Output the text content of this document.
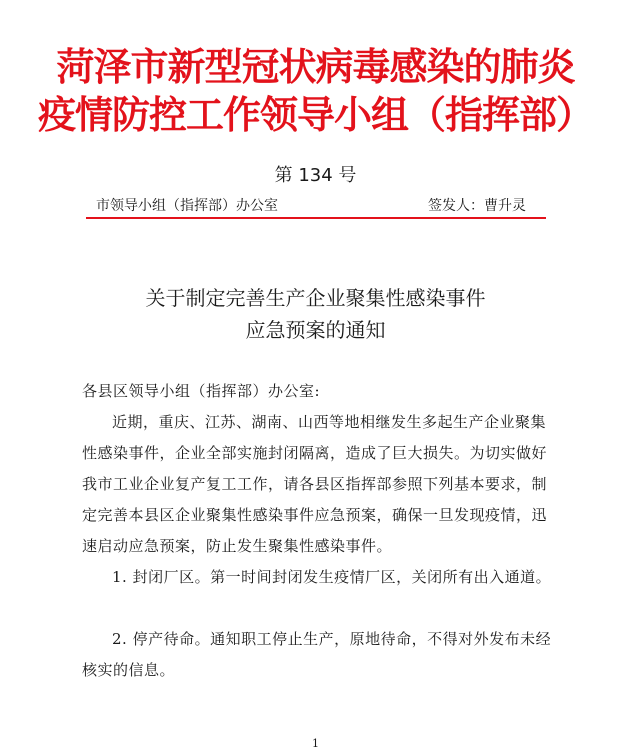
菏泽市新型冠状病毒感染的肺炎
疫情防控工作领导小组（指挥部）
第 134 号
市领导小组（指挥部）办公室	签发人：曹升灵
关于制定完善生产企业聚集性感染事件
应急预案的通知
各县区领导小组（指挥部）办公室:
近期，重庆、江苏、湖南、山西等地相继发生多起生产企业聚集性感染事件，企业全部实施封闭隔离，造成了巨大损失。为切实做好我市工业企业复产复工工作，请各县区指挥部参照下列基本要求，制定完善本县区企业聚集性感染事件应急预案，确保一旦发现疫情，迅速启动应急预案，防止发生聚集性感染事件。
1. 封闭厂区。第一时间封闭发生疫情厂区，关闭所有出入通道。
2. 停产待命。通知职工停止生产，原地待命，不得对外发布未经核实的信息。
1
